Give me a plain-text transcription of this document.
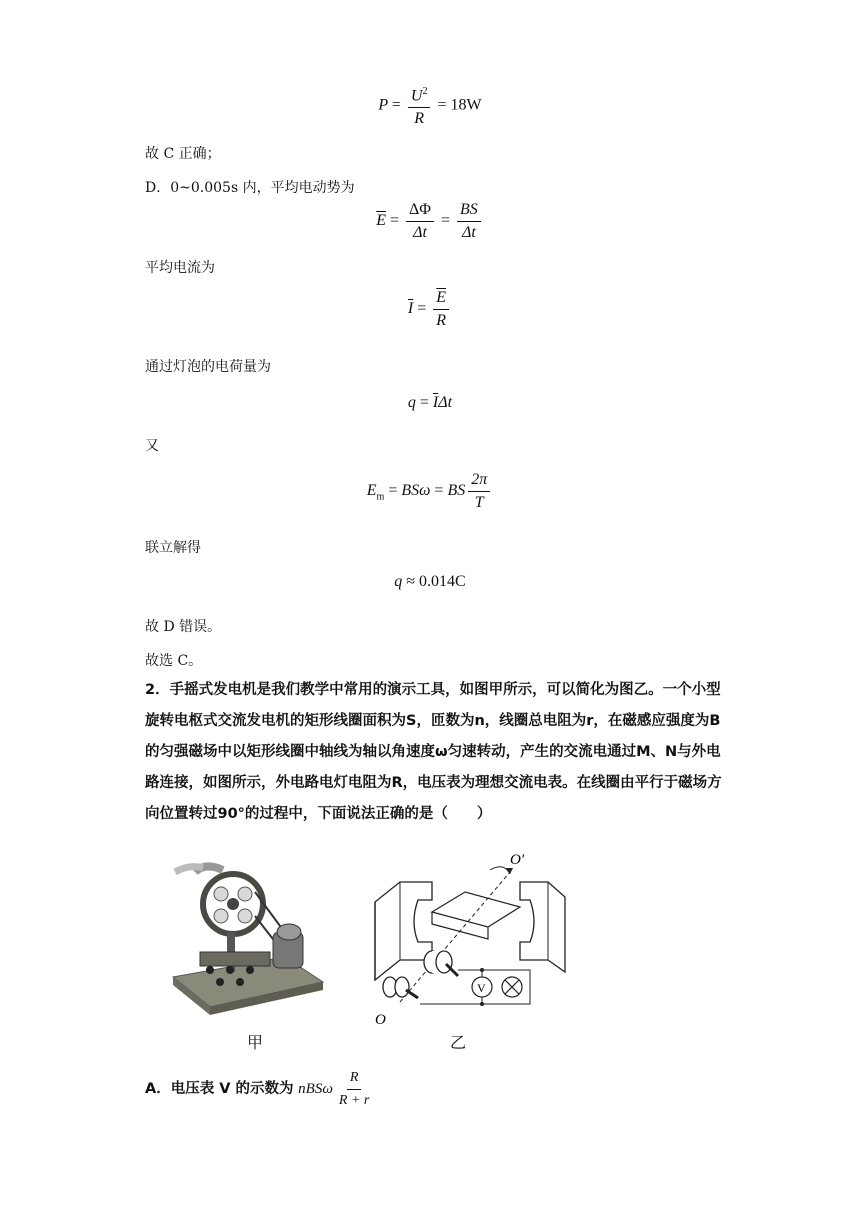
$P = \frac{U^2}{R} = 18W$
故 C 正确；
D．0~0.005s 内，平均电动势为
$\overline{E} = \frac{\Delta\Phi}{\Delta t} = \frac{BS}{\Delta t}$
平均电流为
$\overline{I} = \frac{\overline{E}}{R}$
通过灯泡的电荷量为
$q = \overline{I}\Delta t$
又
$E_m = BS\omega$ = BS $\frac{2\pi}{T}$
联立解得
q ≈ 0.014C
故 D 错误。
故选 C。
2．手摇式发电机是我们教学中常用的演示工具，如图甲所示，可以简化为图乙。一个小型旋转电枢式交流发电机的矩形线圈面积为S，匝数为n，线圈总电阻为r，在磁感应强度为B的匀强磁场中以矩形线圈中轴线为轴以角速度ω匀速转动，产生的交流电通过M、N与外电路连接，如图所示，外电路电灯电阻为R，电压表为理想交流电表。在线圈由平行于磁场方向位置转过90°的过程中，下面说法正确的是（　　）
甲
O′
V
O
乙
A．电压表 V 的示数为 nBSω $\frac{R}{R + r}$
